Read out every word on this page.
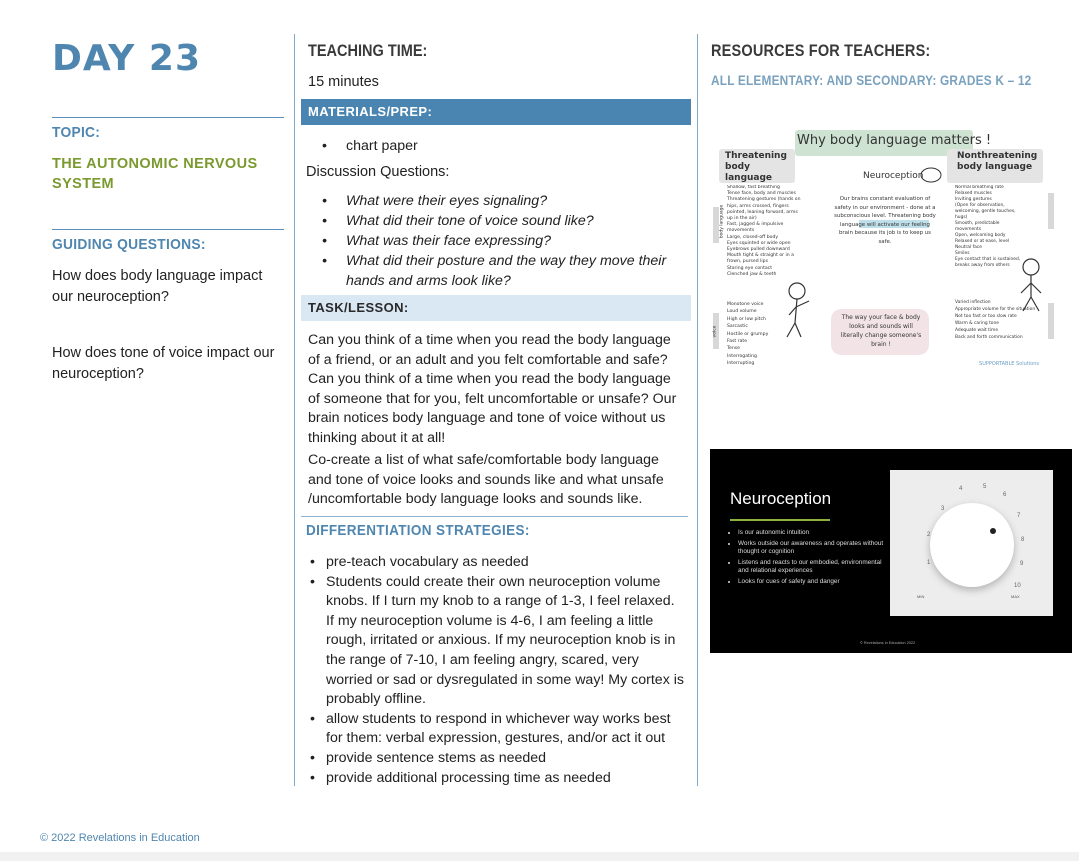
DAY 23
TOPIC:
THE AUTONOMIC NERVOUS SYSTEM
GUIDING QUESTIONS:
How does body language impact our neuroception?
How does tone of voice impact our neuroception?
TEACHING TIME:
15 minutes
MATERIALS/PREP:
• chart paper
Discussion Questions:
• What were their eyes signaling?
• What did their tone of voice sound like?
• What was their face expressing?
• What did their posture and the way they move their hands and arms look like?
TASK/LESSON:

Can you think of a time when you read the body language of a friend, or an adult and you felt comfortable and safe? Can you think of a time when you read the body language of someone that for you, felt uncomfortable or unsafe? Our brain notices body language and tone of voice without us thinking about it at all!

Co-create a list of what safe/comfortable body language and tone of voice looks and sounds like and what unsafe /uncomfortable body language looks and sounds like.

DIFFERENTIATION STRATEGIES:
• pre-teach vocabulary as needed
• Students could create their own neuroception volume knobs. If I turn my knob to a range of 1-3, I feel relaxed. If my neuroception volume is 4-6, I am feeling a little rough, irritated or anxious. If my neuroception knob is in the range of 7-10, I am feeling angry, scared, very worried or sad or dysregulated in some way! My cortex is probably offline.
• allow students to respond in whichever way works best for them: verbal expression, gestures, and/or act it out
• provide sentence stems as needed
• provide additional processing time as needed
RESOURCES FOR TEACHERS:
ALL ELEMENTARY: AND SECONDARY: GRADES K – 12
Why body language matters !
Threatening body language	Neuroception
Nonthreatening body language
Shallow, fast breathing
Tense face, body and muscles
Threatening gestures (hands on hips, arms crossed, fingers pointed, leaning forward, arms up in the air)
Fast, jagged & impulsive movements
Large, closed-off body
Eyes squinted or wide open
Eyebrows pulled downward
Mouth tight & straight or in a frown, pursed lips
Staring eye contact
Clenched jaw & teeth
Monotone voice
Loud volume
High or low pitch
Sarcastic
Hostile or grumpy
Fast rate
Tense
Interrogating
Interrupting
Our brains constant evaluation of safety in our environment - done at a subconscious level. Threatening body language will activate our feeling brain because its job is to keep us safe.
The way your face & body looks and sounds will literally change someone's brain !
Normal breathing rate
Relaxed muscles
Inviting gestures
(Open for observation, welcoming, gentle touches, hugs)
Smooth, predictable movements
Open, welcoming body
Relaxed or at ease, level
Neutral face
Smiles
Eye contact that is sustained, breaks away from others
Varied inflection
Appropriate volume for the situation
Not too fast or too slow rate
Warm & caring tone
Adequate wait time
Back and forth communication
body language
voice
SUPPORTABLE Solutions
Neuroception
• Is our autonomic intuition
• Works outside our awareness and operates without thought or cognition
• Listens and reacts to our embodied, environmental and relational experiences
• Looks for cues of safety and danger
MIN	MAX
3
2
1
4	5
6
7
8
9
10
© Revelations in Education 2022
© 2022 Revelations in Education
